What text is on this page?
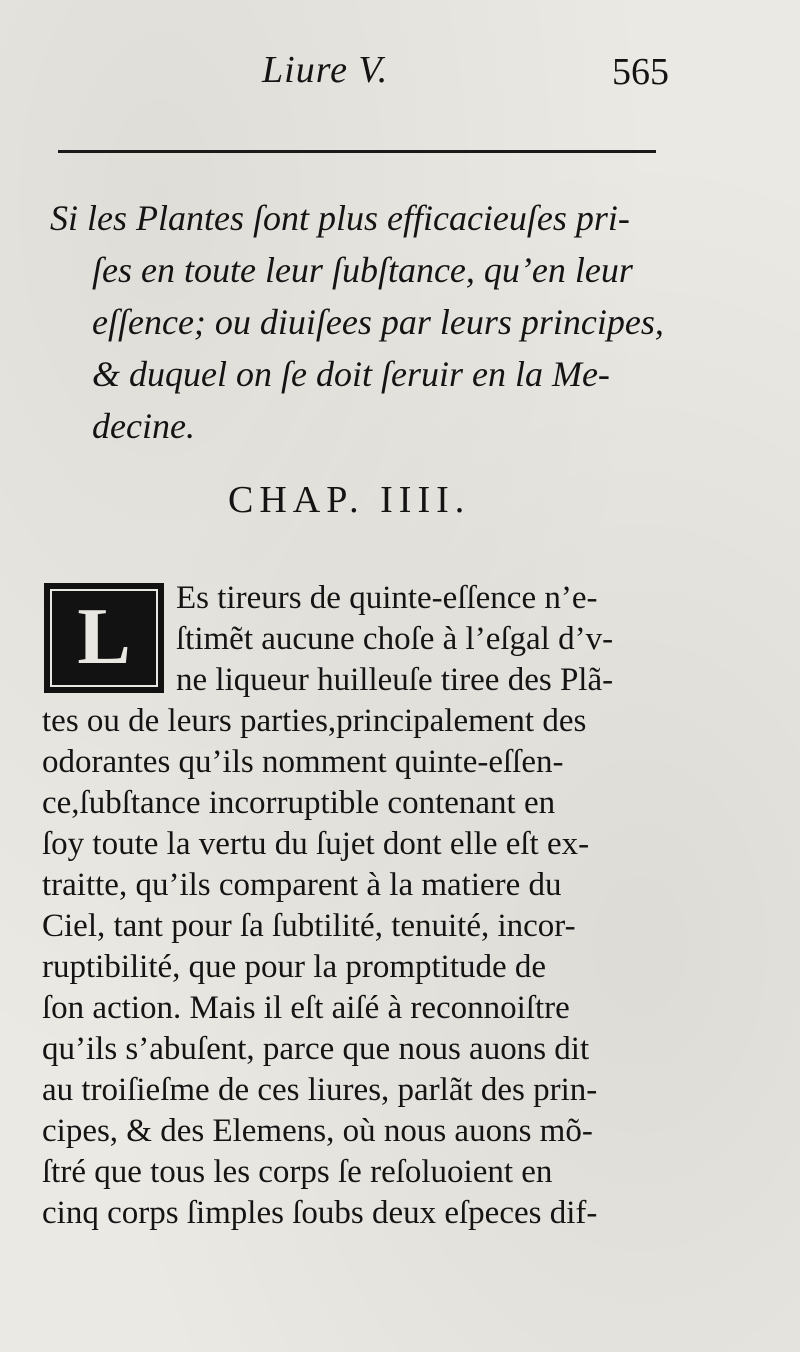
Liure V.	565
Si les Plantes ſont plus efficacieuſes pri-
ſes en toute leur ſubſtance, qu’en leur
eſſence; ou diuiſees par leurs principes,
& duquel on ſe doit ſeruir en la Me-
decine.
CHAP. IIII.
L	Es tireurs de quinte-eſſence n’e-
ſtimẽt aucune choſe à l’eſgal d’v-
ne liqueur huilleuſe tiree des Plã-
tes ou de leurs parties,principalement des
odorantes qu’ils nomment quinte-eſſen-
ce,ſubſtance incorruptible contenant en
ſoy toute la vertu du ſujet dont elle eſt ex-
traitte, qu’ils comparent à la matiere du
Ciel, tant pour ſa ſubtilité, tenuité, incor-
ruptibilité, que pour la promptitude de
ſon action. Mais il eſt aiſé à reconnoiſtre
qu’ils s’abuſent, parce que nous auons dit
au troiſieſme de ces liures, parlãt des prin-
cipes, & des Elemens, où nous auons mõ-
ſtré que tous les corps ſe reſoluoient en
cinq corps ſimples ſoubs deux eſpeces dif-
